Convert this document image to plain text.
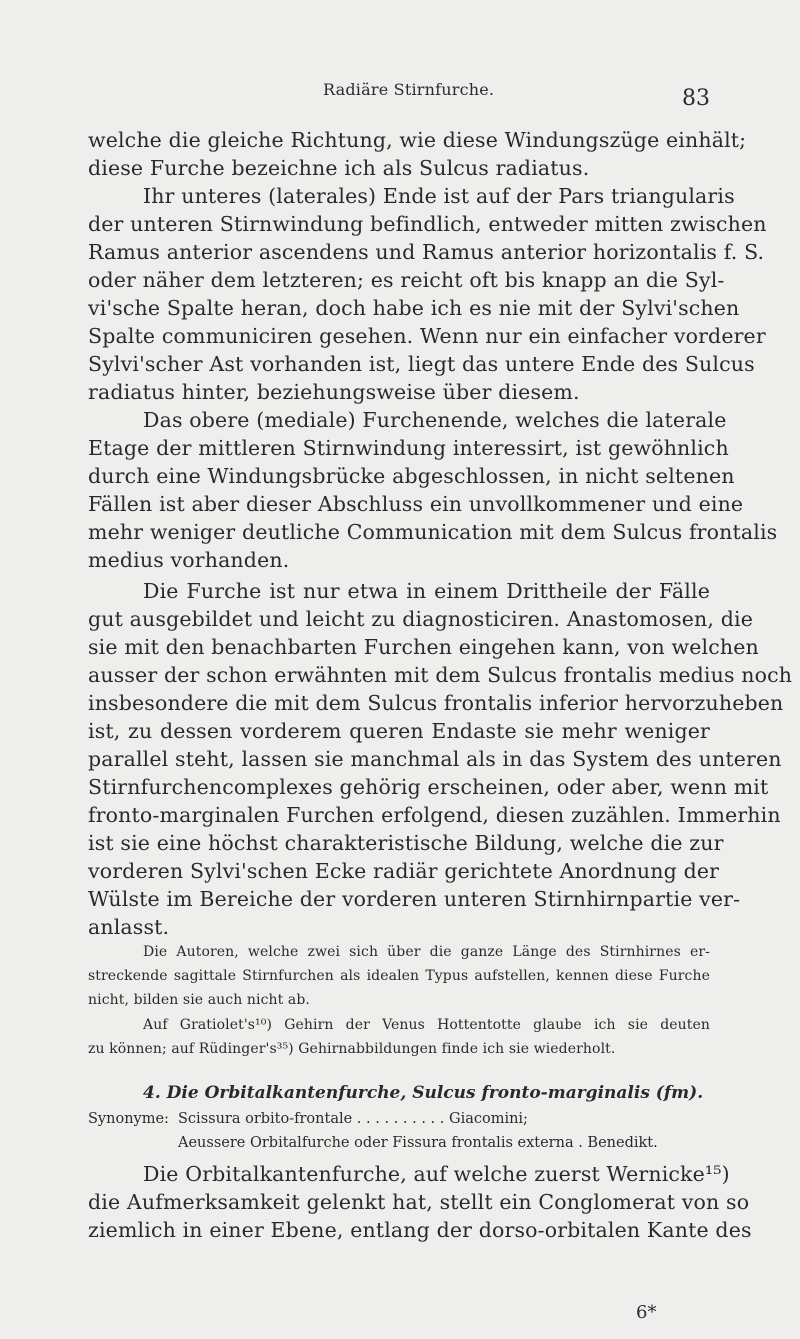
Radiäre Stirnfurche.	83
welche die gleiche Richtung, wie diese Windungszüge einhält;
diese Furche bezeichne ich als Sulcus radiatus.
Ihr unteres (laterales) Ende ist auf der Pars triangularis
der unteren Stirnwindung befindlich, entweder mitten zwischen
Ramus anterior ascendens und Ramus anterior horizontalis f. S.
oder näher dem letzteren; es reicht oft bis knapp an die Syl-
vi'sche Spalte heran, doch habe ich es nie mit der Sylvi'schen
Spalte communiciren gesehen. Wenn nur ein einfacher vorderer
Sylvi'scher Ast vorhanden ist, liegt das untere Ende des Sulcus
radiatus hinter, beziehungsweise über diesem.
Das obere (mediale) Furchenende, welches die laterale
Etage der mittleren Stirnwindung interessirt, ist gewöhnlich
durch eine Windungsbrücke abgeschlossen, in nicht seltenen
Fällen ist aber dieser Abschluss ein unvollkommener und eine
mehr weniger deutliche Communication mit dem Sulcus frontalis
medius vorhanden.
Die Furche ist nur etwa in einem Drittheile der Fälle
gut ausgebildet und leicht zu diagnosticiren. Anastomosen, die
sie mit den benachbarten Furchen eingehen kann, von welchen
ausser der schon erwähnten mit dem Sulcus frontalis medius noch
insbesondere die mit dem Sulcus frontalis inferior hervorzuheben
ist, zu dessen vorderem queren Endaste sie mehr weniger
parallel steht, lassen sie manchmal als in das System des unteren
Stirnfurchencomplexes gehörig erscheinen, oder aber, wenn mit
fronto-marginalen Furchen erfolgend, diesen zuzählen. Immerhin
ist sie eine höchst charakteristische Bildung, welche die zur
vorderen Sylvi'schen Ecke radiär gerichtete Anordnung der
Wülste im Bereiche der vorderen unteren Stirnhirnpartie ver-
anlasst.
Die Autoren, welche zwei sich über die ganze Länge des Stirnhirnes er-
streckende sagittale Stirnfurchen als idealen Typus aufstellen, kennen diese Furche
nicht, bilden sie auch nicht ab.
Auf Gratiolet's¹⁰) Gehirn der Venus Hottentotte glaube ich sie deuten
zu können; auf Rüdinger's³⁵) Gehirnabbildungen finde ich sie wiederholt.
4. Die Orbitalkantenfurche, Sulcus fronto-marginalis (fm).
Synonyme: Scissura orbito-frontale . . . . . . . . . . Giacomini;
Aeussere Orbitalfurche oder Fissura frontalis externa . Benedikt.
Die Orbitalkantenfurche, auf welche zuerst Wernicke¹⁵)
die Aufmerksamkeit gelenkt hat, stellt ein Conglomerat von so
ziemlich in einer Ebene, entlang der dorso-orbitalen Kante des
6*
